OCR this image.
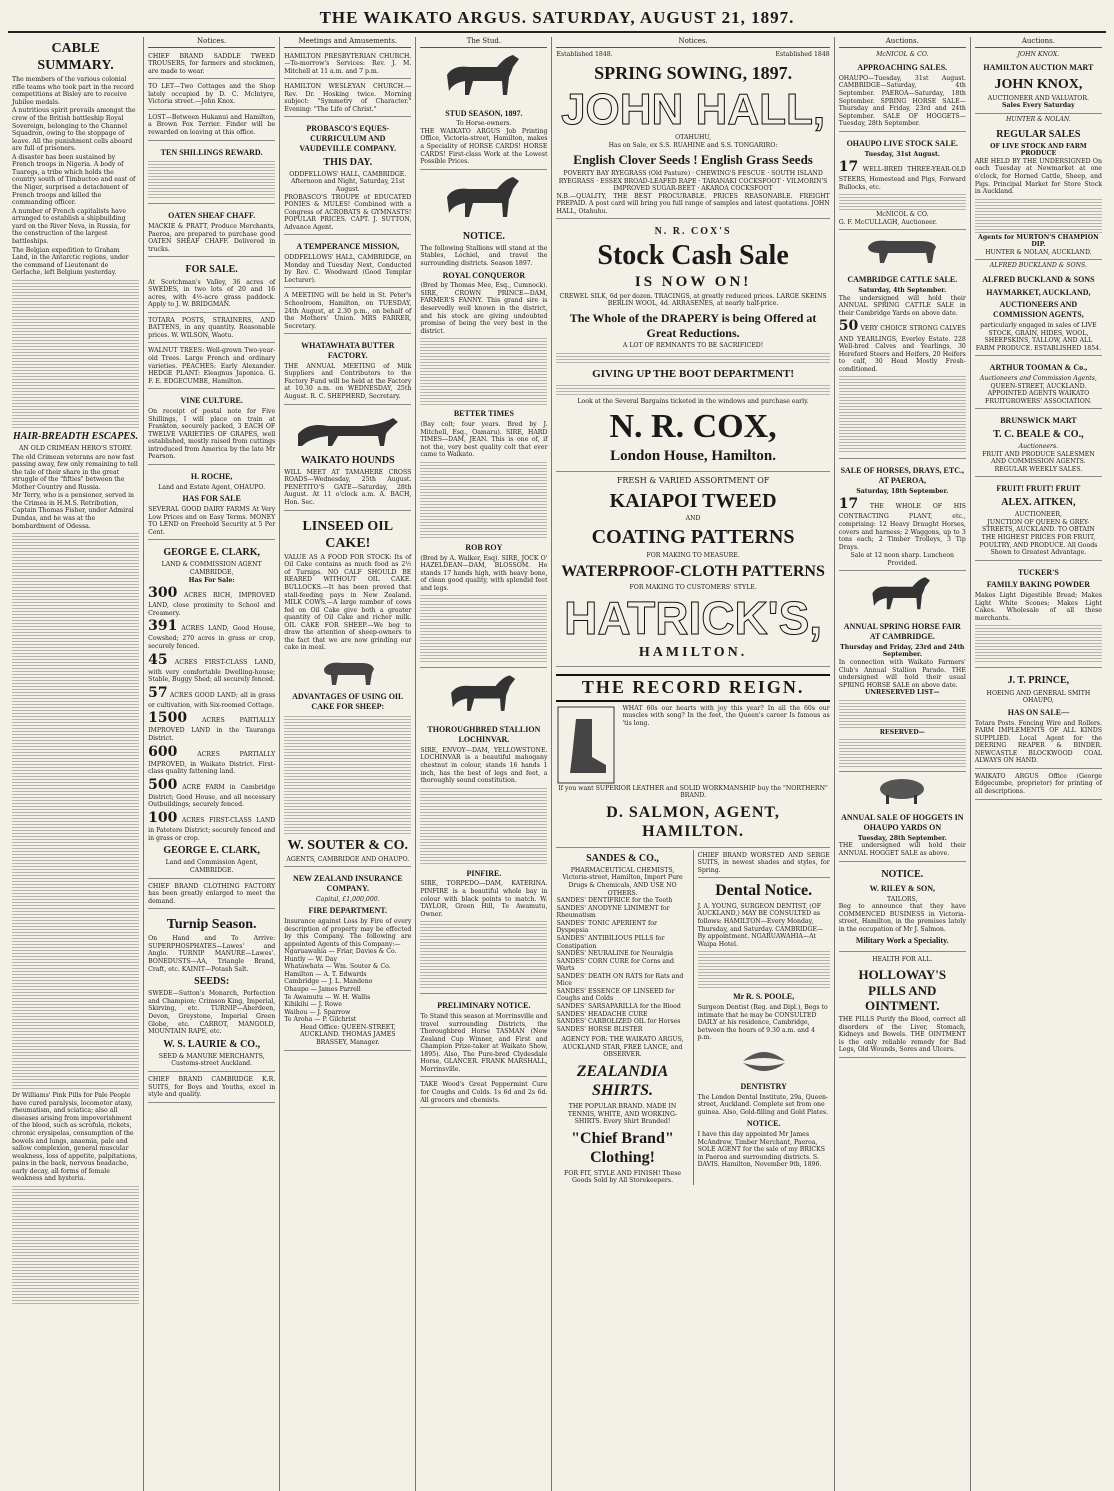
THE WAIKATO ARGUS. SATURDAY, AUGUST 21, 1897.
CABLE SUMMARY.

The members of the various colonial rifle teams who took part in the record competitions at Bisley are to receive Jubilee medals.

A nutritious spirit prevails amongst the crew of the British battleship Royal Sovereign, belonging to the Channel Squadron, owing to the stoppage of leave. All the punishment cells aboard are full of prisoners.

A disaster has been sustained by French troops in Nigeria. A body of Tuaregs, a tribe which holds the country south of Timbuctoo and east of the Niger, surprised a detachment of French troops and killed the commanding officer.

A number of French capitalists have arranged to establish a shipbuilding yard on the River Neva, in Russia, for the construction of the largest battleships.

The Belgian expedition to Graham Land, in the Antarctic regions, under the command of Lieutenant de Gerlache, left Belgium yesterday.

HAIR-BREADTH ESCAPES.
AN OLD CRIMEAN HERO'S STORY.

The old Crimean veterans are now fast passing away, few only remaining to tell the tale of their share in the great struggle of the "fifties" between the Mother Country and Russia.

Mr Terry, who is a pensioner, served in the Crimea in H.M.S. Retribution, Captain Thomas Fisher, under Admiral Dundas, and he was at the bombardment of Odessa.

Dr Williams' Pink Pills for Pale People have cured paralysis, locomotor ataxy, rheumatism, and sciatica; also all diseases arising from impoverishment of the blood, such as scrofula, rickets, chronic erysipelas, consumption of the bowels and lungs, anaemia, pale and sallow complexion, general muscular weakness, loss of appetite, palpitations, pains in the back, nervous headache, early decay, all forms of female weakness and hysteria.

Notices.
CHIEF BRAND SADDLE TWEED TROUSERS, for farmers and stockmen, are made to wear.
TO LET—Two Cottages and the Shop lately occupied by D. C. McIntyre, Victoria street.—John Knox.
LOST—Between Hukanui and Hamilton, a Brown Fox Terrier. Finder will be rewarded on leaving at this office.
TEN SHILLINGS REWARD.
OATEN SHEAF CHAFF.
MACKIE & PRATT, Produce Merchants, Paeroa, are prepared to purchase good OATEN SHEAF CHAFF. Delivered in trucks.
FOR SALE.
At Scotchman's Valley, 36 acres of SWEDES, in two lots of 20 and 16 acres, with 4½-acre grass paddock. Apply to J. W. BRIDGMAN.
TOTARA POSTS, STRAINERS, AND BATTENS, in any quantity. Reasonable prices. W. WILSON, Waotu.
WALNUT TREES: Well-grown Two-year-old Trees. Large French and ordinary varieties. PEACHES: Early Alexander. HEDGE PLANT: Eleagnus Japonica. G. F. E. EDGECUMBE, Hamilton.
VINE CULTURE.
On receipt of postal note for Five Shillings, I will place on train at Frankton, securely packed, 3 EACH OF TWELVE VARIETIES OF GRAPES, well established, mostly raised from cuttings introduced from America by the late Mr Pearson.
H. ROCHE,
Land and Estate Agent, OHAUPO.
HAS FOR SALE
SEVERAL GOOD DAIRY FARMS At Very Low Prices and on Easy Terms. MONEY TO LEND on Freehold Security at 5 Per Cent.
GEORGE E. CLARK,
LAND & COMMISSION AGENT CAMBRIDGE,
Has For Sale:

300 ACRES RICH, IMPROVED LAND, close proximity to School and Creamery.

391 ACRES LAND, Good House, Cowshed; 270 acres in grass or crop, securely fenced.

45 ACRES FIRST-CLASS LAND, with very comfortable Dwelling-house; Stable, Buggy Shed; all securely fenced.

57 ACRES GOOD LAND; all in grass or cultivation, with Six-roomed Cottage.

1500 ACRES PARTIALLY IMPROVED LAND in the Tauranga District.

600	ACRES PARTIALLY IMPROVED, in Waikato District. First-class quality fattening land.

500 ACRE FARM in Cambridge District; Good House, and all necessary Outbuildings; securely fenced.

100 ACRES FIRST-CLASS LAND in Patetere District; securely fenced and in grass or crop.

GEORGE E. CLARK,
Land and Commission Agent, CAMBRIDGE.
CHIEF BRAND CLOTHING FACTORY has been greatly enlarged to meet the demand.
Turnip Season.
On Hand and To Arrive: SUPERPHOSPHATES—Lawes' and Anglo. TURNIP MANURE—Lawes'. BONEDUSTS—AA, Triangle Brand, Craft, etc. KAINIT—Potash Salt.
SEEDS:
SWEDE—Sutton's Monarch, Perfection and Champion; Crimson King, Imperial, Skirving, etc. TURNIP—Aberdeen, Devon, Greystone, Imperial Green Globe, etc. CARROT, MANGOLD, MOUNTAIN RAPE, etc.
W. S. LAURIE & CO.,
SEED & MANURE MERCHANTS, Customs-street Auckland.
CHIEF BRAND CAMBRIDGE K.R. SUITS, for Boys and Youths, excel in style and quality.
Meetings and Amusements.
HAMILTON PRESBYTERIAN CHURCH.—To-morrow's Services: Rev. J. M. Mitchell at 11 a.m. and 7 p.m.
HAMILTON WESLEYAN CHURCH.—Rev. Dr. Hosking twice. Morning subject: "Symmetry of Character." Evening: "The Life of Christ."
PROBASCO'S EQUES-CURRICULUM AND VAUDEVILLE COMPANY.
THIS DAY.
ODDFELLOWS' HALL, CAMBRIDGE. Afternoon and Night, Saturday, 21st August.
PROBASCO'S TROUPE of EDUCATED PONIES & MULES! Combined with a Congress of ACROBATS & GYMNASTS! POPULAR PRICES. CAPT. J. SUTTON, Advance Agent.
A TEMPERANCE MISSION,
ODDFELLOWS' HALL, CAMBRIDGE, on Monday and Tuesday Next, Conducted by Rev. C. Woodward (Good Templar Lecturer).
A MEETING will be held in St. Peter's Schoolroom, Hamilton, on TUESDAY, 24th August, at 2.30 p.m., on behalf of the Mothers' Union. MRS FARRER, Secretary.
WHATAWHATA BUTTER FACTORY.
THE ANNUAL MEETING of Milk Suppliers and Contributors to the Factory Fund will be held at the Factory at 10.30 a.m. on WEDNESDAY, 25th August. R. C. SHEPHERD, Secretary.
WAIKATO HOUNDS
WILL MEET AT TAMAHERE CROSS ROADS—Wednesday, 25th August. PENETITO'S GATE—Saturday, 28th August. At 11 o'clock a.m. A. BACH, Hon. Sec.
LINSEED OIL CAKE!
VALUE AS A FOOD FOR STOCK: Its of Oil Cake contains as much food as 2½ of Turnips. NO CALF SHOULD BE REARED WITHOUT OIL CAKE. BULLOCKS.—It has been proved that stall-feeding pays in New Zealand. MILK COWS.—A large number of cows fed on Oil Cake give both a greater quantity of Oil Cake and richer milk. OIL CAKE FOR SHEEP.—We beg to draw the attention of sheep-owners to the fact that we are now grinding our cake in meal.
ADVANTAGES OF USING OIL CAKE FOR SHEEP:
W. SOUTER & CO.
AGENTS, CAMBRIDGE AND OHAUPO.
NEW ZEALAND INSURANCE COMPANY.
Capital, £1,000,000.
FIRE DEPARTMENT.
Insurance against Loss by Fire of every description of property may be effected by this Company. The following are appointed Agents of this Company:—
Ngaruawahia — Friar, Davies & Co.
Huntly — W. Day
Whatawhata — Wm. Souter & Co.
Hamilton — A. T. Edwards
Cambridge — J. L. Mandeno
Ohaupo — James Parrell
Te Awamutu — W. H. Wallis
Kihikihi — J. Rowe
Waihou — J. Sparrow
Te Aroha — P. Gilchrist
Head Office: QUEEN-STREET, AUCKLAND. THOMAS JAMES BRASSEY, Manager.
The Stud.
STUD SEASON, 1897.
To Horse-owners.
THE WAIKATO ARGUS Job Printing Office, Victoria-street, Hamilton, makes a Speciality of HORSE CARDS! HORSE CARDS! First-class Work at the Lowest Possible Prices.
NOTICE.
The following Stallions will stand at the Stables, Lochiel, and travel the surrounding districts. Season 1897.
ROYAL CONQUEROR
(Bred by Thomas Mee, Esq., Cumnock). SIRE, CROWN PRINCE—DAM, FARMER'S FANNY. This grand sire is deservedly well known in the district, and his stock are giving undoubted promise of being the very best in the district.
BETTER TIMES
(Bay colt; four years. Bred by J. Mitchell, Esq., Oamaru). SIRE, HARD TIMES—DAM, JEAN. This is one of, if not the, very best quality colt that ever came to Waikato.
ROB ROY
(Bred by A. Walker, Esq). SIRE, JOCK O' HAZELDEAN—DAM, BLOSSOM. He stands 17 hands high, with heavy bone, of clean good quality, with splendid feet and legs.
THOROUGHBRED STALLION LOCHINVAR.
SIRE, ENVOY—DAM, YELLOWSTONE. LOCHINVAR is a beautiful mahogany chestnut in colour, stands 16 hands 1 inch, has the best of legs and feet, a thoroughly sound constitution.
PINFIRE.
SIRE, TORPEDO—DAM, KATERINA. PINFIRE is a beautiful whole bay in colour with black points to match. W. TAYLOR, Green Hill, Te Awamutu, Owner.
PRELIMINARY NOTICE.
To Stand this season at Morrinsville and travel surrounding Districts, the Thoroughbred Horse TASMAN (New Zealand Cup Winner, and First and Champion Prize-taker at Waikato Show, 1895). Also, The Pure-bred Clydesdale Horse, GLANCER. FRANK MARSHALL, Morrinsville.
TAKE Wood's Great Peppermint Cure for Coughs and Colds. 1s 6d and 2s 6d. All grocers and chemists.
Notices.
Established 1848.	Established 1848
SPRING SOWING, 1897.
JOHN HALL,
OTAHUHU,
Has on Sale, ex S.S. RUAHINE and S.S. TONGARIRO:
English Clover Seeds ! English Grass Seeds
POVERTY BAY RYEGRASS (Old Pasture) · CHEWING'S FESCUE · SOUTH ISLAND RYEGRASS · ESSEX BROAD-LEAFED RAPE · TARANAKI COCKSFOOT · VILMORIN'S IMPROVED SUGAR-BEET · AKAROA COCKSFOOT
N.B.—QUALITY, THE BEST PROCURABLE. PRICES REASONABLE. FREIGHT PREPAID. A post card will bring you full range of samples and latest quotations. JOHN HALL, Otahuhu.
N. R. COX'S
Stock Cash Sale
IS NOW ON!
CREWEL SILK, 6d per dozen. TRACINGS, at greatly reduced prices. LARGE SKEINS BERLIN WOOL, 4d. ARRASENES, at nearly half-price.
The Whole of the DRAPERY is being Offered at Great Reductions.
A LOT OF REMNANTS TO BE SACRIFICED!
GIVING UP THE BOOT DEPARTMENT!
Look at the Several Bargains ticketed in the windows and purchase early.
N. R. COX,
London House, Hamilton.
FRESH & VARIED ASSORTMENT OF
KAIAPOI TWEED
AND
COATING PATTERNS
FOR MAKING TO MEASURE.
WATERPROOF-CLOTH PATTERNS
FOR MAKING TO CUSTOMERS' STYLE.
HATRICK'S,
HAMILTON.
THE RECORD REIGN.
WHAT 60s our hearts with joy this year? In all the 60s our muscles with song? In the feet, the Queen's career Is famous as 'tis long.
If you want SUPERIOR LEATHER and SOLID WORKMANSHIP buy the "NORTHERN" BRAND.
D. SALMON, AGENT, HAMILTON.
SANDES & CO.,
PHARMACEUTICAL CHEMISTS, Victoria-street, Hamilton, Import Pure Drugs & Chemicals, AND USE NO OTHERS.
SANDES' DENTIFRICE for the Teeth
SANDES' ANODYNE LINIMENT for Rheumatism
SANDES' TONIC APERIENT for Dyspepsia
SANDES' ANTIBILIOUS PILLS for Constipation
SANDES' NEURALINE for Neuralgia
SANDES' CORN CURE for Corns and Warts
SANDES' DEATH ON RATS for Rats and Mice
SANDES' ESSENCE OF LINSEED for Coughs and Colds
SANDES' SARSAPARILLA for the Blood
SANDES' HEADACHE CURE
SANDES' CARBOLIZED OIL for Horses
SANDES' HORSE BLISTER
AGENCY FOR: THE WAIKATO ARGUS, AUCKLAND STAR, FREE LANCE, and OBSERVER.
ZEALANDIA SHIRTS.
THE POPULAR BRAND. MADE IN TENNIS, WHITE, AND WORKING-SHIRTS. Every Shirt Branded!
"Chief Brand" Clothing!
FOR FIT, STYLE AND FINISH! These Goods Sold by All Storekeepers.
CHIEF BRAND WORSTED AND SERGE SUITS, in newest shades and styles, for Spring.
Dental Notice.
J. A. YOUNG, SURGEON DENTIST, (OF AUCKLAND,) MAY BE CONSULTED as follows: HAMILTON—Every Monday, Thursday, and Saturday. CAMBRIDGE—By appointment. NGARUAWAHIA—At Waipa Hotel.
Mr R. S. POOLE,
Surgeon Dentist (Reg. and Dipl.), Begs to intimate that he may be CONSULTED DAILY at his residence, Cambridge, between the hours of 9.30 a.m. and 4 p.m.
DENTISTRY
The London Dental Institute, 29a, Queen-street, Auckland. Complete set from one guinea. Also, Gold-filling and Gold Plates.
NOTICE.
I have this day appointed Mr James McAndrew, Timber Merchant, Paeroa, SOLE AGENT for the sale of my BRICKS in Paeroa and surrounding districts. S. DAVIS. Hamilton, November 9th, 1896.
Auctions.
McNICOL & CO.
APPROACHING SALES.
OHAUPO—Tuesday, 31st August. CAMBRIDGE—Saturday, 4th September. PAEROA—Saturday, 18th September. SPRING HORSE SALE—Thursday and Friday, 23rd and 24th September. SALE OF HOGGETS—Tuesday, 28th September.
OHAUPO LIVE STOCK SALE.
Tuesday, 31st August.

17 WELL-BRED THREE-YEAR-OLD STEERS, Homestead and Pigs, Forward Bullocks, etc.

McNICOL & CO.
G. F. McCULLAGH, Auctioneer.
CAMBRIDGE CATTLE SALE.
Saturday, 4th September.
The undersigned will hold their ANNUAL SPRING CATTLE SALE in their Cambridge Yards on above date.

50 VERY CHOICE STRONG CALVES AND YEARLINGS, Everley Estate. 228 Well-bred Calves and Yearlings, 30 Hereford Steers and Heifers, 20 Heifers to calf, 30 Head Mostly Fresh-conditioned.

SALE OF HORSES, DRAYS, ETC., AT PAEROA,
Saturday, 18th September.

17 THE WHOLE OF HIS CONTRACTING PLANT, etc., comprising: 12 Heavy Draught Horses, covers and harness; 2 Waggons, up to 3 tons each; 2 Timber Trolleys, 3 Tip Drays.

Sale at 12 noon sharp. Luncheon Provided.
ANNUAL SPRING HORSE FAIR AT CAMBRIDGE.
Thursday and Friday, 23rd and 24th September.
In connection with Waikato Farmers' Club's Annual Stallion Parade. THE undersigned will hold their usual SPRING HORSE SALE on above date.
UNRESERVED LIST—
RESERVED—
ANNUAL SALE OF HOGGETS IN OHAUPO YARDS ON
Tuesday, 28th September.
THE undersigned will hold their ANNUAL HOGGET SALE as above.
NOTICE.
W. RILEY & SON,
TAILORS,
Beg to announce that they have COMMENCED BUSINESS in Victoria-street, Hamilton, in the premises lately in the occupation of Mr J. Salmon.
Military Work a Speciality.
HEALTH FOR ALL.
HOLLOWAY'S PILLS AND OINTMENT.
THE PILLS Purify the Blood, correct all disorders of the Liver, Stomach, Kidneys and Bowels. THE OINTMENT is the only reliable remedy for Bad Legs, Old Wounds, Sores and Ulcers.
Auctions.
JOHN KNOX.
HAMILTON AUCTION MART
JOHN KNOX,
AUCTIONEER AND VALUATOR.
Sales Every Saturday
HUNTER & NOLAN.
REGULAR SALES
OF LIVE STOCK AND FARM PRODUCE
ARE HELD BY THE UNDERSIGNED On each Tuesday at Newmarket at one o'clock, for Horned Cattle, Sheep, and Pigs. Principal Market for Store Stock in Auckland.
Agents for MURTON'S CHAMPION DIP.
HUNTER & NOLAN, AUCKLAND.
ALFRED BUCKLAND & SONS.
ALFRED BUCKLAND & SONS
HAYMARKET, AUCKLAND,
AUCTIONEERS AND COMMISSION AGENTS,
particularly engaged in sales of LIVE STOCK, GRAIN, HIDES, WOOL, SHEEPSKINS, TALLOW, AND ALL FARM PRODUCE. ESTABLISHED 1854.
ARTHUR TOOMAN & Co.,
Auctioneers and Commission Agents,
QUEEN-STREET, AUCKLAND. APPOINTED AGENTS WAIKATO FRUITGROWERS' ASSOCIATION.
BRUNSWICK MART
T. C. BEALE & CO.,
Auctioneers.
FRUIT AND PRODUCE SALESMEN AND COMMISSION AGENTS. REGULAR WEEKLY SALES.
FRUIT! FRUIT! FRUIT
ALEX. AITKEN,
AUCTIONEER,
JUNCTION OF QUEEN & GREY-STREETS, AUCKLAND. TO OBTAIN THE HIGHEST PRICES FOR FRUIT, POULTRY, AND PRODUCE. All Goods Shown to Greatest Advantage.
TUCKER'S
FAMILY BAKING POWDER
Makes Light Digestible Bread; Makes Light White Scones; Makes Light Cakes. Wholesale of all these merchants.
J. T. PRINCE,
HOEING AND GENERAL SMITH OHAUPO,
HAS ON SALE—
Totara Posts. Fencing Wire and Rollers. FARM IMPLEMENTS OF ALL KINDS SUPPLIED. Local Agent for the DEERING REAPER & BINDER. NEWCASTLE BLOCKWOOD COAL ALWAYS ON HAND.
WAIKATO ARGUS Office (George Edgecumbe, proprietor) for printing of all descriptions.
